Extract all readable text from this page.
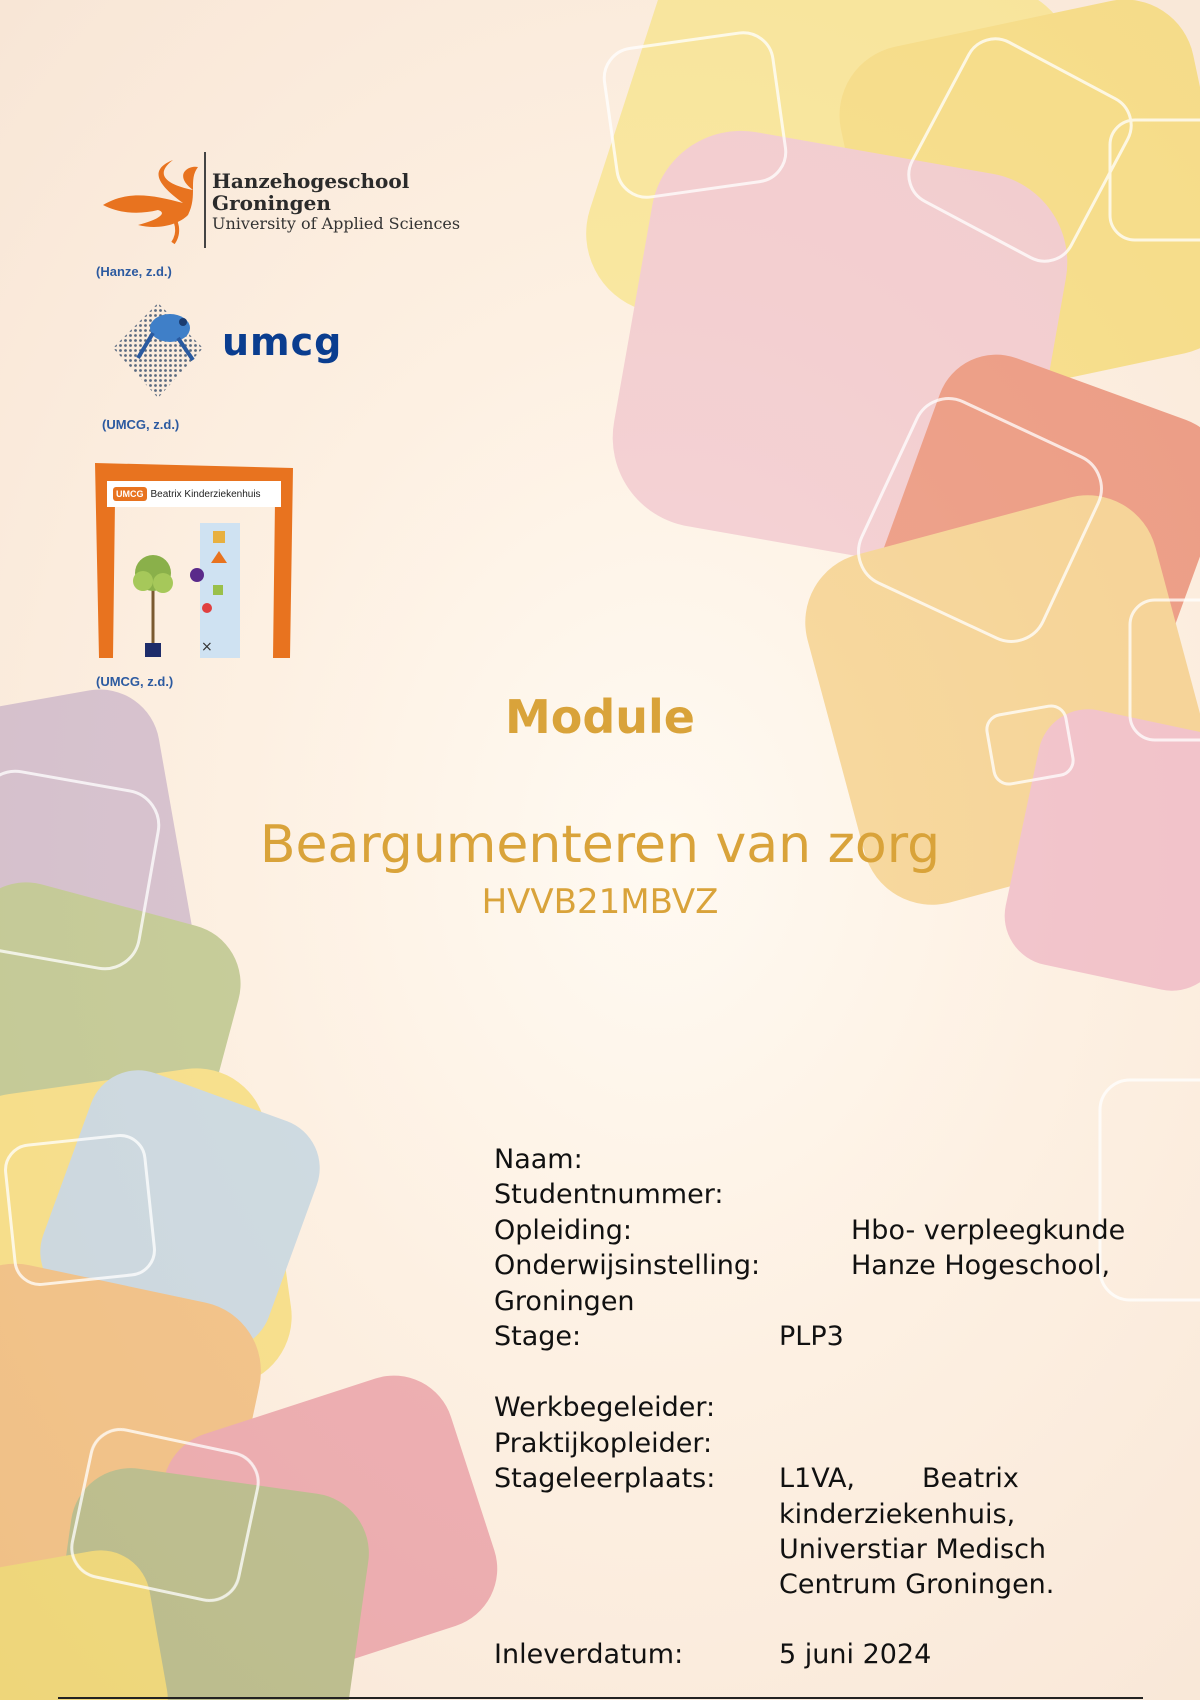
Hanzehogeschool
Groningen
University of Applied Sciences
(Hanze, z.d.)
umcg
(UMCG, z.d.)
×
UMCG Beatrix Kinderziekenhuis
(UMCG, z.d.)
Module
Beargumenteren van zorg
HVVB21MBVZ
Naam:
Studentnummer:
Opleiding:	Hbo- verpleegkunde
Onderwijsinstelling:	Hanze Hogeschool,
Groningen
Stage:	PLP3
Werkbegeleider:
Praktijkopleider:
Stageleerplaats: L1VA, Beatrix
kinderziekenhuis,
Universtiar Medisch
Centrum Groningen.
Inleverdatum:	5 juni 2024
